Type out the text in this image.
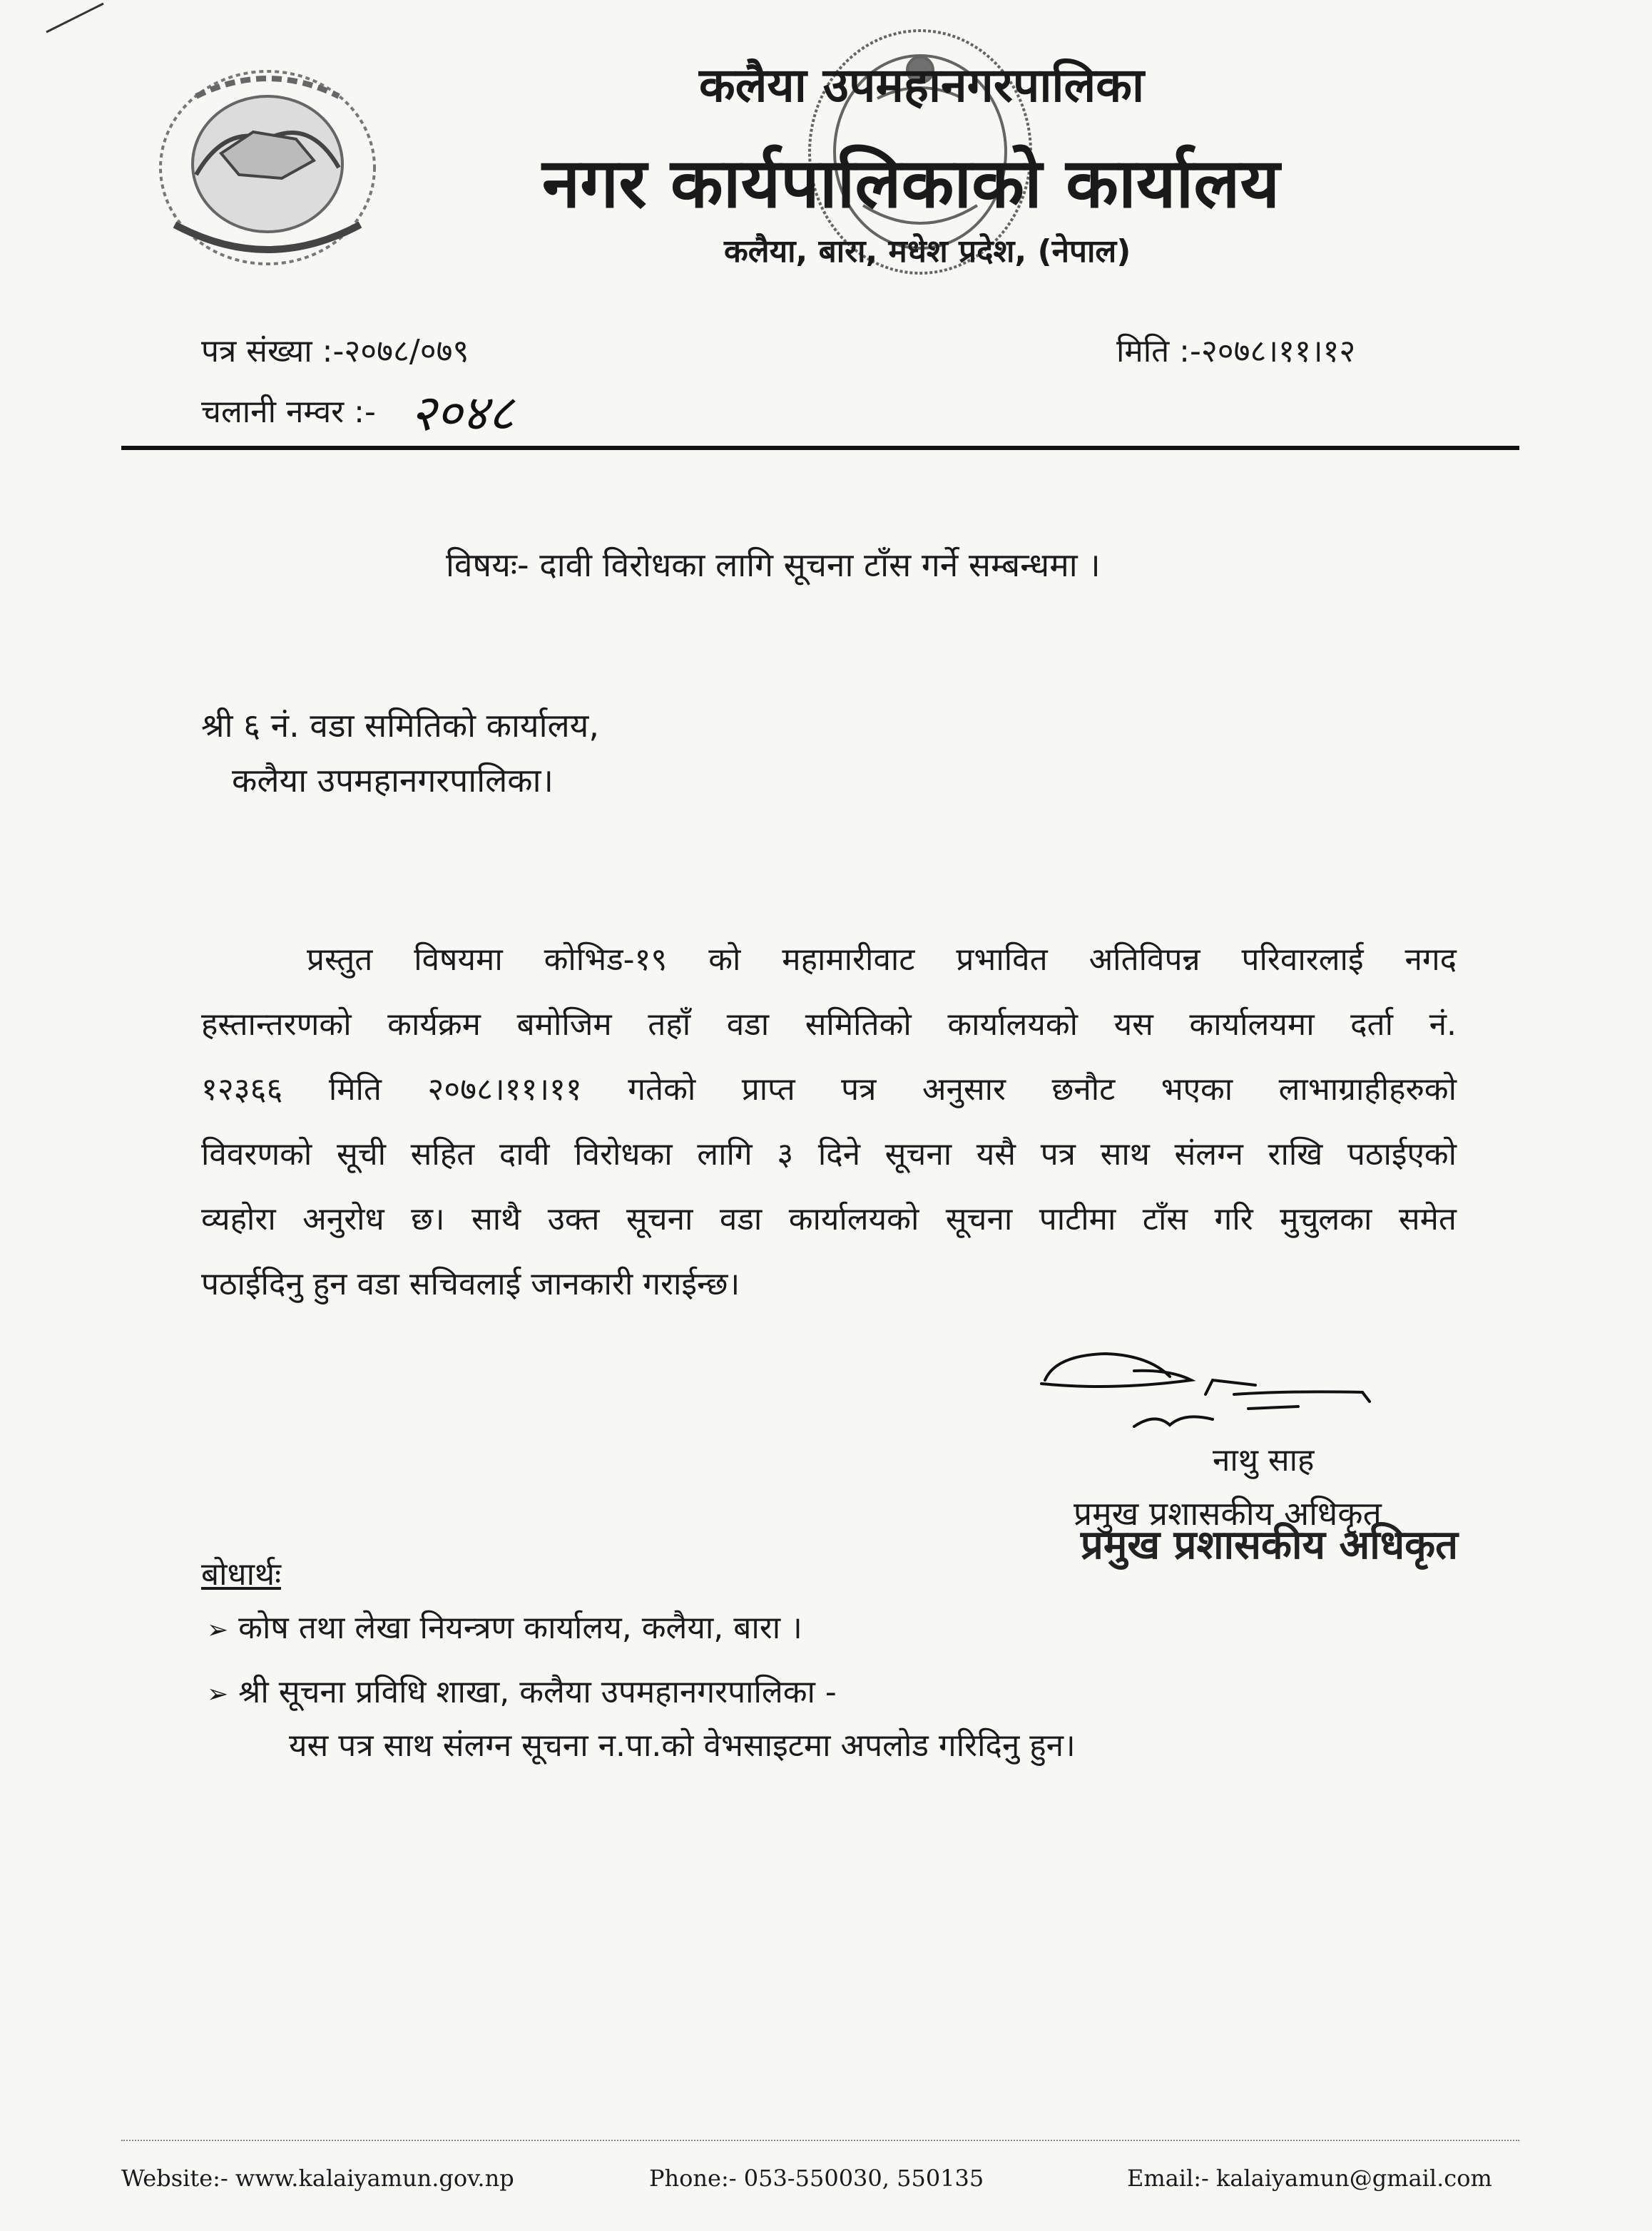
कलैया उपमहानगरपालिका
नगर कार्यपालिकाको कार्यालय
कलैया, बारा, मधेश प्रदेश, (नेपाल)
पत्र संख्या :-२०७८/०७९
चलानी नम्वर :- २०४८
मिति :-२०७८।११।१२
विषयः- दावी विरोधका लागि सूचना टाँस गर्ने सम्बन्धमा ।
श्री ६ नं. वडा समितिको कार्यालय,
कलैया उपमहानगरपालिका।
प्रस्तुत विषयमा कोभिड-१९ को महामारीवाट प्रभावित अतिविपन्न परिवारलाई नगद
हस्तान्तरणको कार्यक्रम बमोजिम तहाँ वडा समितिको कार्यालयको यस कार्यालयमा दर्ता नं.
१२३६६ मिति २०७८।११।११ गतेको प्राप्त पत्र अनुसार छनौट भएका लाभाग्राहीहरुको
विवरणको सूची सहित दावी विरोधका लागि ३ दिने सूचना यसै पत्र साथ संलग्न राखि पठाईएको
व्यहोरा अनुरोध छ। साथै उक्त सूचना वडा कार्यालयको सूचना पाटीमा टाँस गरि मुचुलका समेत
पठाईदिनु हुन वडा सचिवलाई जानकारी गराईन्छ।
नाथु साह
प्रमुख प्रशासकीय अधिकृत
प्रमुख प्रशासकीय अधिकृत
बोधार्थः
➢ कोष तथा लेखा नियन्त्रण कार्यालय, कलैया, बारा ।
➢ श्री सूचना प्रविधि शाखा, कलैया उपमहानगरपालिका -
यस पत्र साथ संलग्न सूचना न.पा.को वेभसाइटमा अपलोड गरिदिनु हुन।
Website:- www.kalaiyamun.gov.np	Phone:- 053-550030, 550135	Email:- kalaiyamun@gmail.com
